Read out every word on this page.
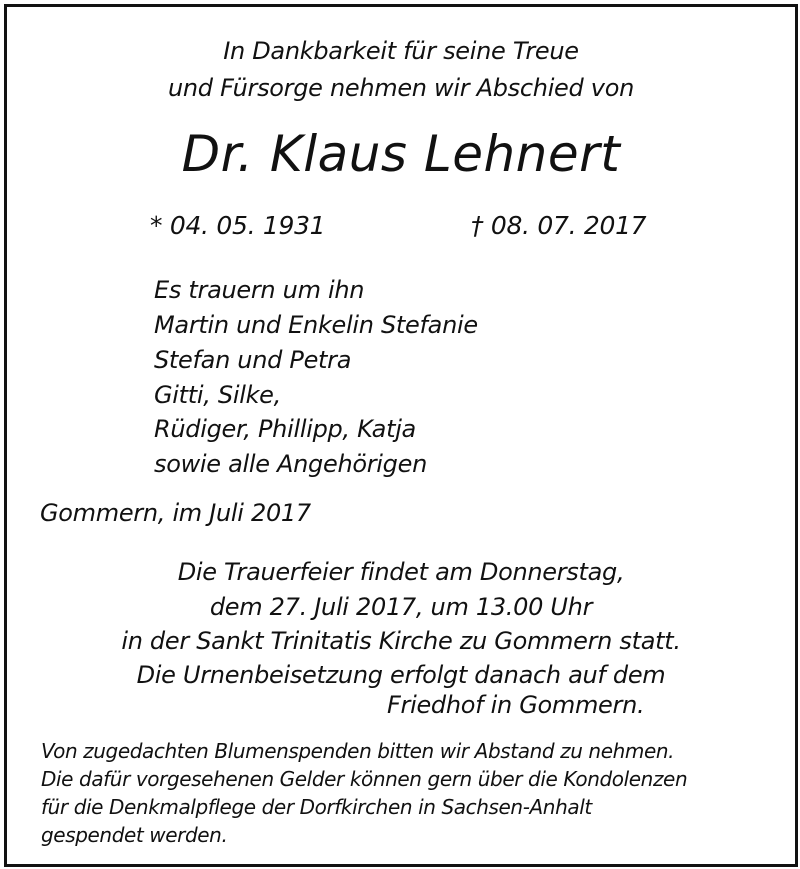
In Dankbarkeit für seine Treue
und Fürsorge nehmen wir Abschied von
Dr. Klaus Lehnert
* 04. 05. 1931	† 08. 07. 2017
Es trauern um ihn
Martin und Enkelin Stefanie
Stefan und Petra
Gitti, Silke,
Rüdiger, Phillipp, Katja
sowie alle Angehörigen
Gommern, im Juli 2017
Die Trauerfeier findet am Donnerstag,
dem 27. Juli 2017, um 13.00 Uhr
in der Sankt Trinitatis Kirche zu Gommern statt.
Die Urnenbeisetzung erfolgt danach auf dem
Friedhof in Gommern.
Von zugedachten Blumenspenden bitten wir Abstand zu nehmen.
Die dafür vorgesehenen Gelder können gern über die Kondolenzen
für die Denkmalpflege der Dorfkirchen in Sachsen-Anhalt
gespendet werden.
